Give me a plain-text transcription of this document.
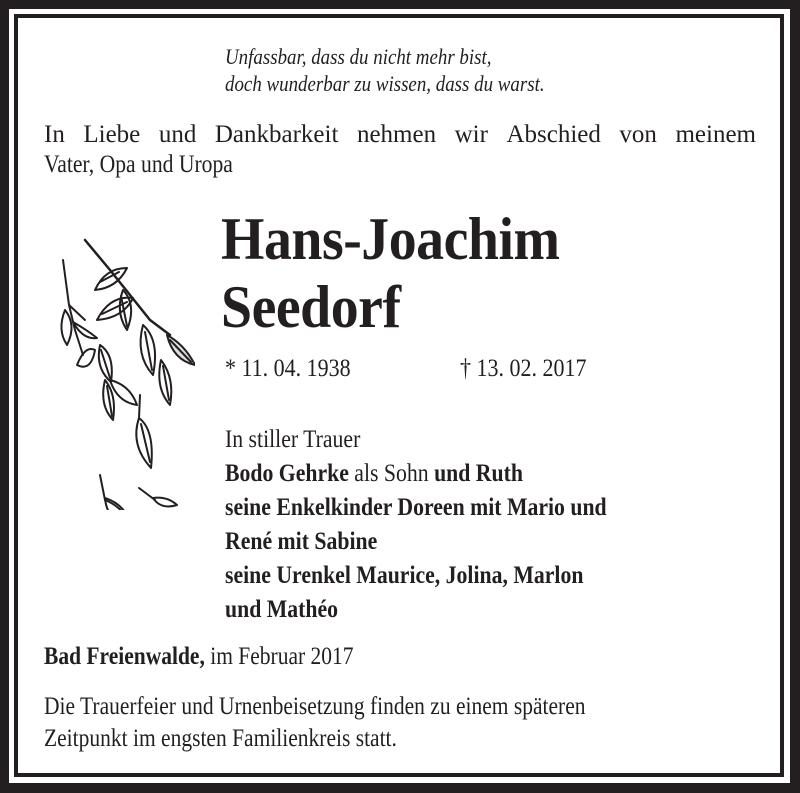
Unfassbar, dass du nicht mehr bist,
doch wunderbar zu wissen, dass du warst.
In Liebe und Dankbarkeit nehmen wir Abschied von meinem
Vater, Opa und Uropa
Hans-Joachim
Seedorf
* 11. 04. 1938	† 13. 02. 2017
In stiller Trauer
Bodo Gehrke als Sohn und Ruth
seine Enkelkinder Doreen mit Mario und
René mit Sabine
seine Urenkel Maurice, Jolina, Marlon
und Mathéo
Bad Freienwalde, im Februar 2017
Die Trauerfeier und Urnenbeisetzung finden zu einem späteren
Zeitpunkt im engsten Familienkreis statt.
